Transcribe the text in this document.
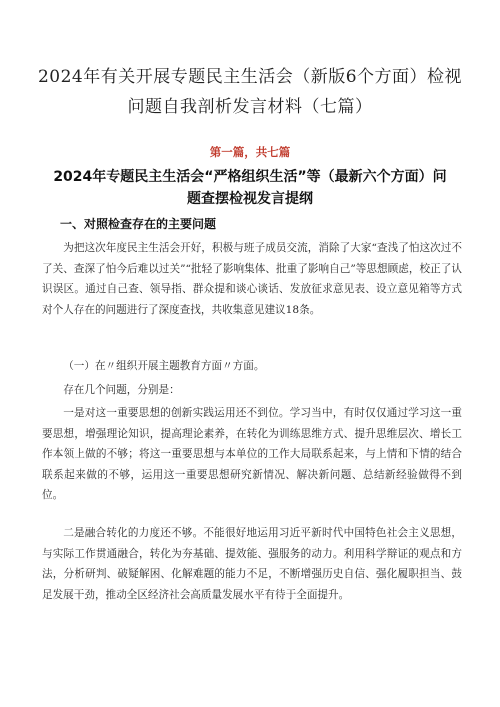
2024年有关开展专题民主生活会（新版6个方面）检视问题自我剖析发言材料（七篇）
第一篇，共七篇
2024年专题民主生活会“严格组织生活”等（最新六个方面）问题查摆检视发言提纲
一、对照检查存在的主要问题

为把这次年度民主生活会开好，积极与班子成员交流，消除了大家“查浅了怕这次过不了关、查深了怕今后难以过关”“批轻了影响集体、批重了影响自己”等思想顾虑，校正了认识误区。通过自己查、领导指、群众提和谈心谈话、发放征求意见表、设立意见箱等方式对个人存在的问题进行了深度查找，共收集意见建议18条。

（一）在〃组织开展主题教育方面〃方面。

存在几个问题，分别是：

一是对这一重要思想的创新实践运用还不到位。学习当中，有时仅仅通过学习这一重要思想，增强理论知识，提高理论素养，在转化为训练思维方式、提升思维层次、增长工作本领上做的不够；将这一重要思想与本单位的工作大局联系起来，与上情和下情的结合联系起来做的不够，运用这一重要思想研究新情况、解决新问题、总结新经验做得不到位。

二是融合转化的力度还不够。不能很好地运用习近平新时代中国特色社会主义思想，与实际工作贯通融合，转化为夯基础、提效能、强服务的动力。利用科学辩证的观点和方法，分析研判、破疑解困、化解难题的能力不足，不断增强历史自信、强化履职担当、鼓足发展干劲，推动全区经济社会高质量发展水平有待于全面提升。
